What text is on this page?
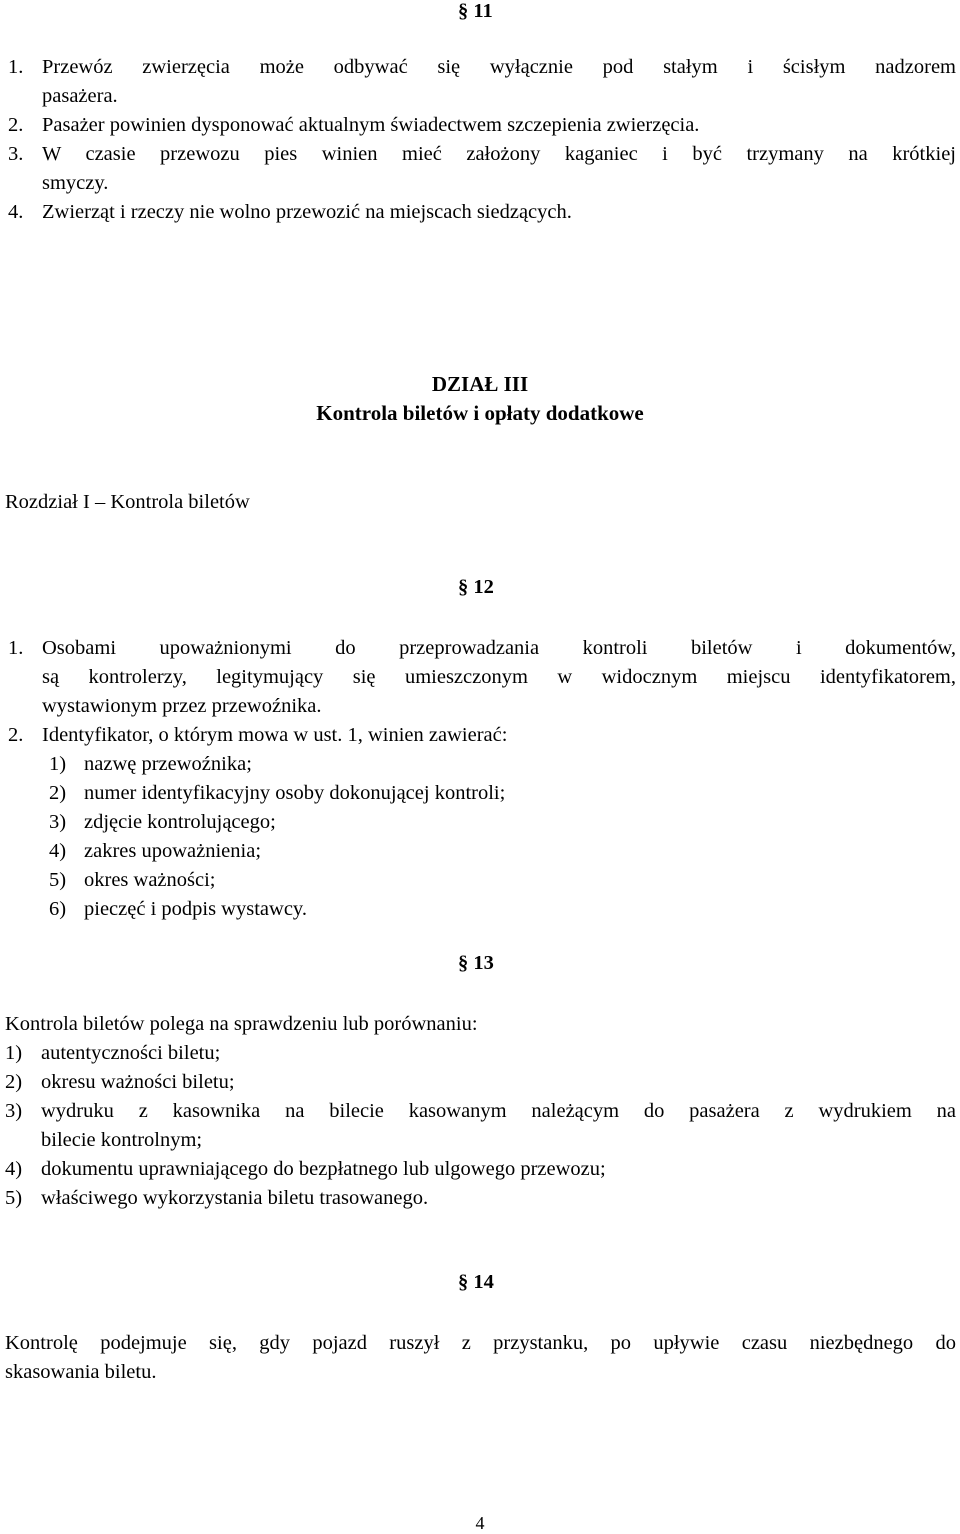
§ 11
1. Przewóz zwierzęcia może odbywać się wyłącznie pod stałym i ścisłym nadzorem
pasażera.
2. Pasażer powinien dysponować aktualnym świadectwem szczepienia zwierzęcia.
3. W czasie przewozu pies winien mieć założony kaganiec i być trzymany na krótkiej
smyczy.
4. Zwierząt i rzeczy nie wolno przewozić na miejscach siedzących.
DZIAŁ III
Kontrola biletów i opłaty dodatkowe
Rozdział I – Kontrola biletów
§ 12
1. Osobami upoważnionymi do przeprowadzania kontroli biletów i dokumentów,
są kontrolerzy, legitymujący się umieszczonym w widocznym miejscu identyfikatorem,
wystawionym przez przewoźnika.
2. Identyfikator, o którym mowa w ust. 1, winien zawierać:
1) nazwę przewoźnika;
2) numer identyfikacyjny osoby dokonującej kontroli;
3) zdjęcie kontrolującego;
4) zakres upoważnienia;
5) okres ważności;
6) pieczęć i podpis wystawcy.
§ 13
Kontrola biletów polega na sprawdzeniu lub porównaniu:
1) autentyczności biletu;
2) okresu ważności biletu;
3) wydruku z kasownika na bilecie kasowanym należącym do pasażera z wydrukiem na
bilecie kontrolnym;
4) dokumentu uprawniającego do bezpłatnego lub ulgowego przewozu;
5) właściwego wykorzystania biletu trasowanego.
§ 14
Kontrolę podejmuje się, gdy pojazd ruszył z przystanku, po upływie czasu niezbędnego do
skasowania biletu.
4
